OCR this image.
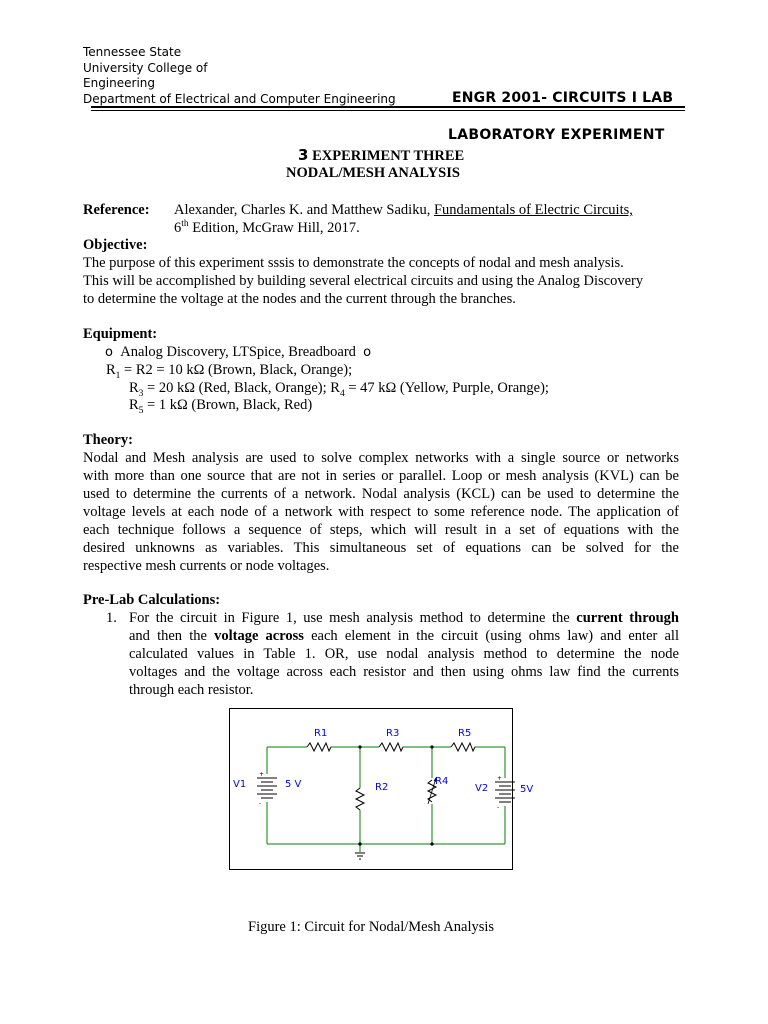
Tennessee State
University College of
Engineering
Department of Electrical and Computer Engineering	ENGR 2001- CIRCUITS I LAB
LABORATORY EXPERIMENT
3 EXPERIMENT THREE
NODAL/MESH ANALYSIS
Reference: Alexander, Charles K. and Matthew Sadiku, Fundamentals of Electric Circuits,
6th Edition, McGraw Hill, 2017.
Objective:
The purpose of this experiment sssis to demonstrate the concepts of nodal and mesh analysis.
This will be accomplished by building several electrical circuits and using the Analog Discovery
to determine the voltage at the nodes and the current through the branches.
Equipment:
o Analog Discovery, LTSpice, Breadboard o
$R_1 = R2 = 10$ kΩ (Brown, Black, Orange);
$R_3 = 20$ kΩ (Red, Black, Orange); $R_4 = 47$ kΩ (Yellow, Purple, Orange);
$R_5 = 1$ kΩ (Brown, Black, Red)
Theory:
Nodal and Mesh analysis are used to solve complex networks with a single source or networks
with more than one source that are not in series or parallel. Loop or mesh analysis (KVL) can be
used to determine the currents of a network. Nodal analysis (KCL) can be used to determine the
voltage levels at each node of a network with respect to some reference node. The application of
each technique follows a sequence of steps, which will result in a set of equations with the
desired unknowns as variables. This simultaneous set of equations can be solved for the
respective mesh currents or node voltages.
Pre-Lab Calculations:
1. For the circuit in Figure 1, use mesh analysis method to determine the current through
and then the voltage across each element in the circuit (using ohms law) and enter all
calculated values in Table 1. OR, use nodal analysis method to determine the node
voltages and the voltage across each resistor and then using ohms law find the currents
through each resistor.
+
-
+
-
R1	R3	R5
R2
R4
V1	5 V	V2	5V
Figure 1: Circuit for Nodal/Mesh Analysis
